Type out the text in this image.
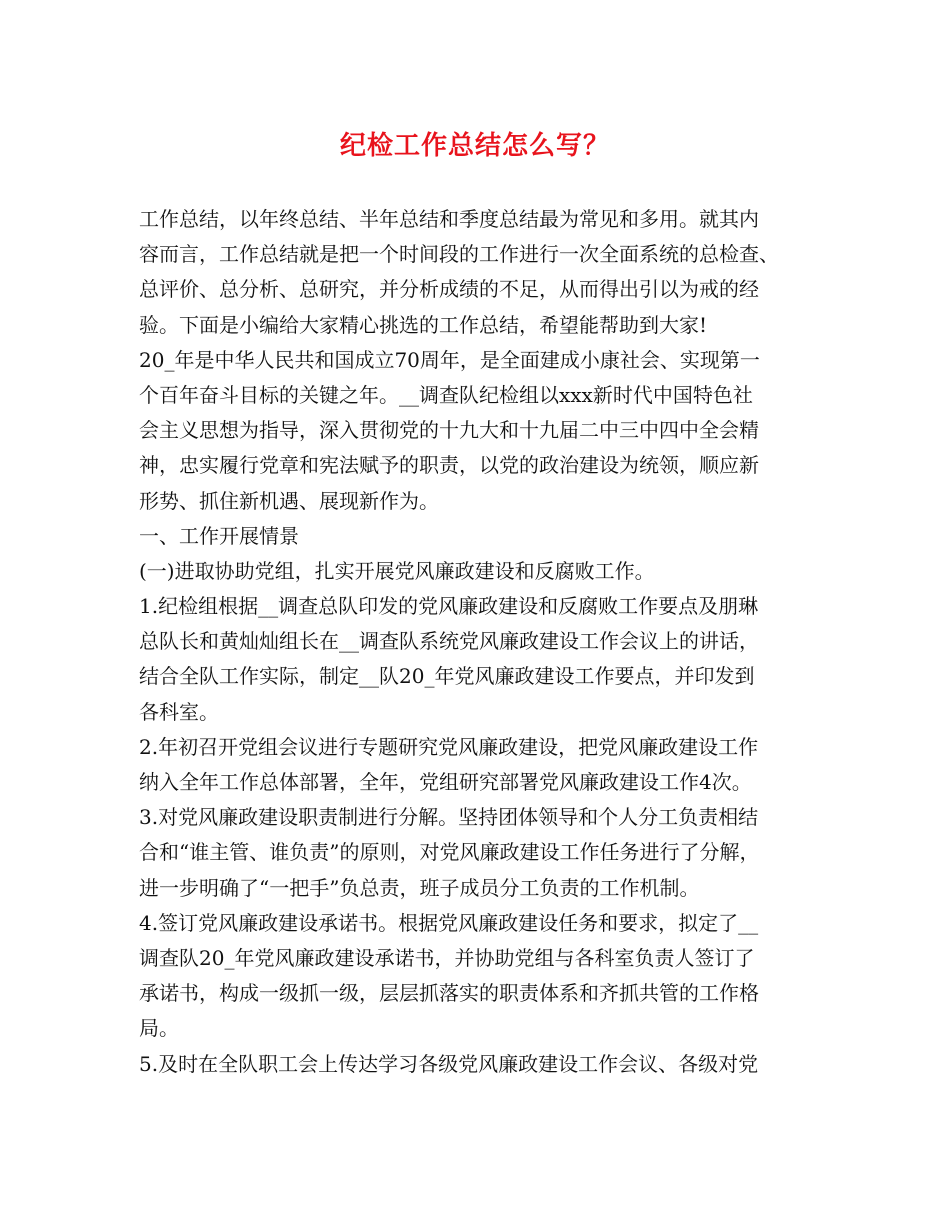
纪检工作总结怎么写？
工作总结，以年终总结、半年总结和季度总结最为常见和多用。就其内
容而言，工作总结就是把一个时间段的工作进行一次全面系统的总检查、
总评价、总分析、总研究，并分析成绩的不足，从而得出引以为戒的经
验。下面是小编给大家精心挑选的工作总结，希望能帮助到大家!
20_年是中华人民共和国成立70周年，是全面建成小康社会、实现第一
个百年奋斗目标的关键之年。__调查队纪检组以xxx新时代中国特色社
会主义思想为指导，深入贯彻党的十九大和十九届二中三中四中全会精
神，忠实履行党章和宪法赋予的职责，以党的政治建设为统领，顺应新
形势、抓住新机遇、展现新作为。
一、工作开展情景
(一)进取协助党组，扎实开展党风廉政建设和反腐败工作。
1.纪检组根据__调查总队印发的党风廉政建设和反腐败工作要点及朋琳
总队长和黄灿灿组长在__调查队系统党风廉政建设工作会议上的讲话，
结合全队工作实际，制定__队20_年党风廉政建设工作要点，并印发到
各科室。
2.年初召开党组会议进行专题研究党风廉政建设，把党风廉政建设工作
纳入全年工作总体部署，全年，党组研究部署党风廉政建设工作4次。
3.对党风廉政建设职责制进行分解。坚持团体领导和个人分工负责相结
合和“谁主管、谁负责”的原则，对党风廉政建设工作任务进行了分解，
进一步明确了“一把手”负总责，班子成员分工负责的工作机制。
4.签订党风廉政建设承诺书。根据党风廉政建设任务和要求，拟定了__
调查队20_年党风廉政建设承诺书，并协助党组与各科室负责人签订了
承诺书，构成一级抓一级，层层抓落实的职责体系和齐抓共管的工作格
局。
5.及时在全队职工会上传达学习各级党风廉政建设工作会议、各级对党
